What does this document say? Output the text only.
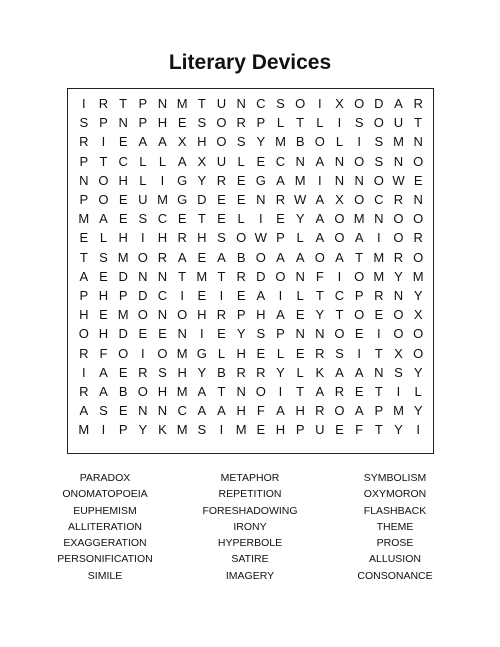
Literary Devices
I	R T P N M T U N C S O I	X O D A R
S P N P H E S O R P L T L	I	S O U T
R	I	E A A X H O S Y M B O L	I	S M N
P T C L L A X U L E C N A N O S N O
N O H L	I G Y R E G A M I	N N O W E
P O E U M G D E E N R W A X O C R N
M A E S C E T E L	I	E Y A O M N O O
E L H	I	H R H S O W P L A O A	I O R
T S M O R A E A B O A A O A T M R O
A E D N N T M T R D O N F	I O M Y M
P H P D C	I	E	I	E A	I	L T C P R N Y
H E M O N O H R P H A E Y T O E O X
O H D E E N	I	E Y S P N N O E	I O O
R F O I O M G L H E L E R S	I	T X O
I	A E R S H Y B R R Y L K A A N S Y
R A B O H M A T N O I	T A R E T	I	L
A S E N N C A A H F A H R O A P M Y
M I	P Y K M S	I M E H P U E F T Y	I
PARADOX	METAPHOR	SYMBOLISM
ONOMATOPOEIA	REPETITION	OXYMORON
EUPHEMISM	FORESHADOWING	FLASHBACK
ALLITERATION	IRONY	THEME
EXAGGERATION	HYPERBOLE	PROSE
PERSONIFICATION	SATIRE	ALLUSION
SIMILE	IMAGERY	CONSONANCE
